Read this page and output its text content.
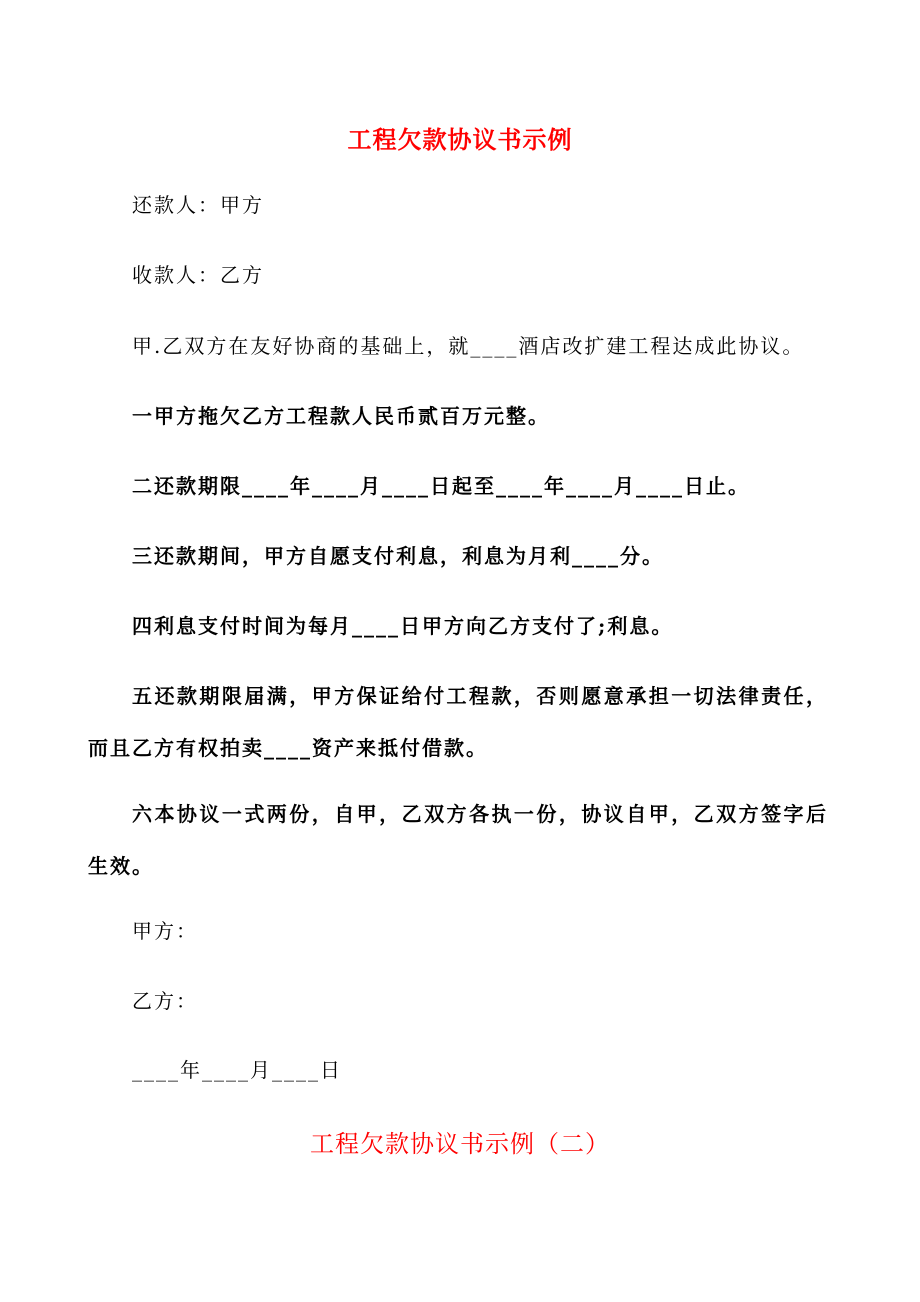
工程欠款协议书示例
还款人：甲方
收款人：乙方
甲.乙双方在友好协商的基础上，就____酒店改扩建工程达成此协议。
一甲方拖欠乙方工程款人民币贰百万元整。
二还款期限____年____月____日起至____年____月____日止。
三还款期间，甲方自愿支付利息，利息为月利____分。
四利息支付时间为每月____日甲方向乙方支付了;利息。
五还款期限届满，甲方保证给付工程款，否则愿意承担一切法律责任，而且乙方有权拍卖____资产来抵付借款。
六本协议一式两份，自甲，乙双方各执一份，协议自甲，乙双方签字后生效。
甲方：
乙方：
____年____月____日
工程欠款协议书示例（二）
